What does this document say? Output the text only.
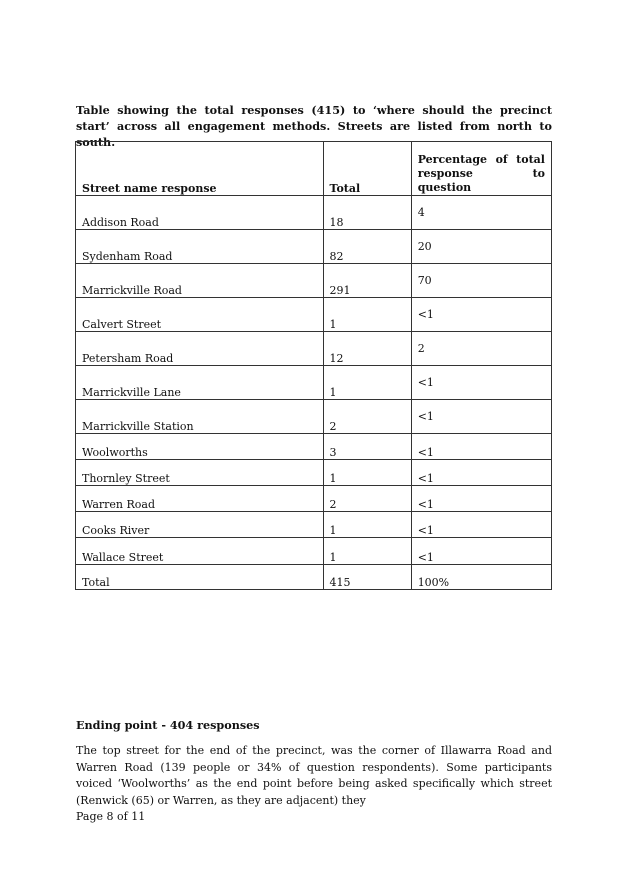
Table showing the total responses (415) to ‘where should the precinct start’ across all engagement methods. Streets are listed from north to south.
Street name response	Total	Percentage of total
response to question

Addison Road	18	4
Sydenham Road	82	20
Marrickville Road	291	70
Calvert Street	1	<1
Petersham Road	12	2
Marrickville Lane	1	<1
Marrickville Station	2	<1
Woolworths	3	<1
Thornley Street	1	<1
Warren Road	2	<1
Cooks River	1	<1
Wallace Street	1	<1
Total	415	100%
Ending point - 404 responses
The top street for the end of the precinct, was the corner of Illawarra Road and Warren Road (139 people or 34% of question respondents). Some participants voiced ‘Woolworths’ as the end point before being asked specifically which street (Renwick (65) or Warren, as they are adjacent) they
Page 8 of 11
